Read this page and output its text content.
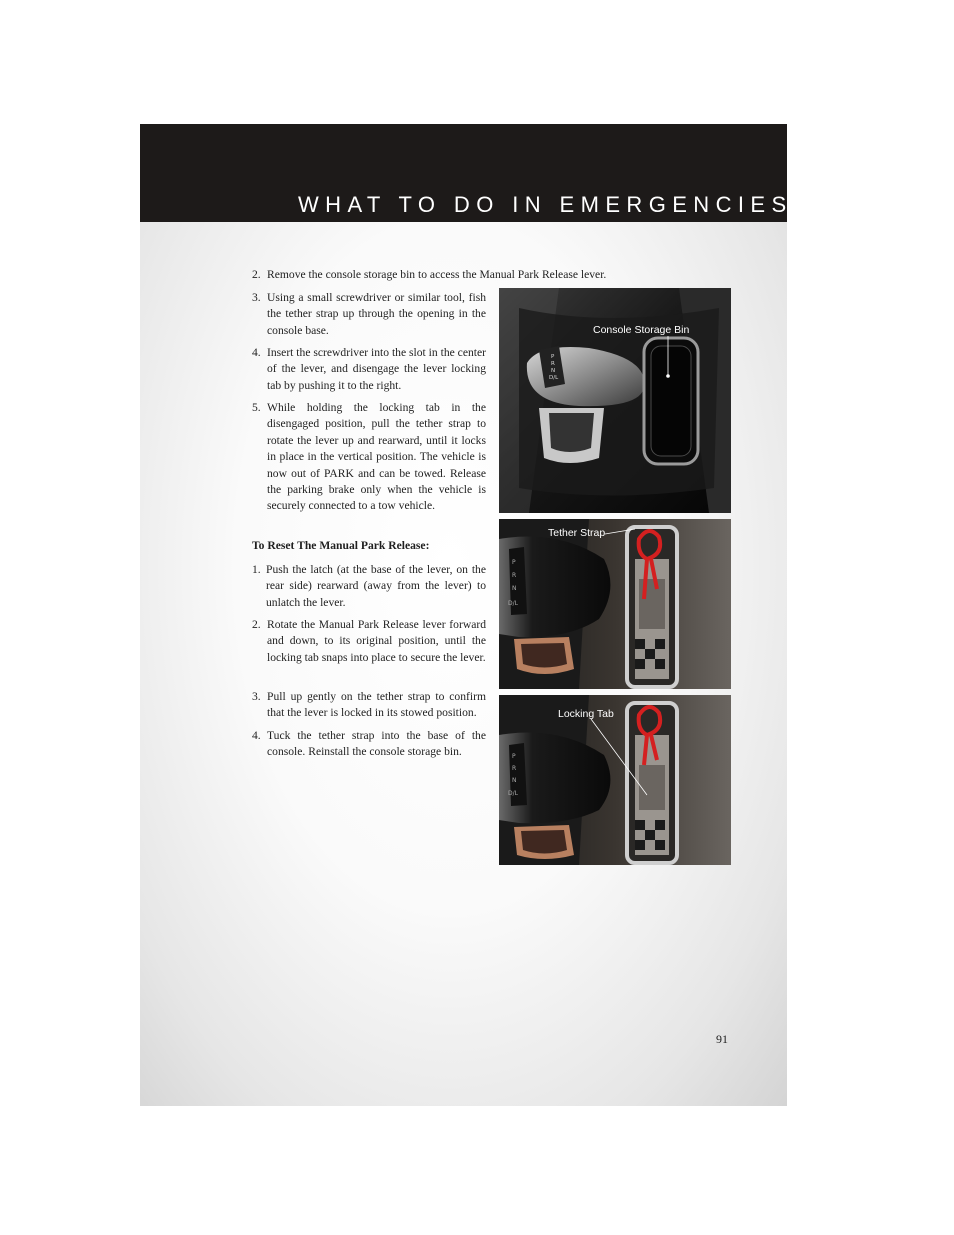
WHAT TO DO IN EMERGENCIES
2. Remove the console storage bin to access the Manual Park Release lever.
3. Using a small screwdriver or similar tool, fish the tether strap up through the opening in the console base.
4. Insert the screwdriver into the slot in the center of the lever, and disengage the lever locking tab by pushing it to the right.
5. While holding the locking tab in the disengaged position, pull the tether strap to rotate the lever up and rearward, until it locks in place in the vertical position. The vehicle is now out of PARK and can be towed. Release the parking brake only when the vehicle is securely connected to a tow vehicle.
To Reset The Manual Park Release:
1. Push the latch (at the base of the lever, on the rear side) rearward (away from the lever) to unlatch the lever.
2. Rotate the Manual Park Release lever forward and down, to its original position, until the locking tab snaps into place to secure the lever.
3. Pull up gently on the tether strap to confirm that the lever is locked in its stowed position.
4. Tuck the tether strap into the base of the console. Reinstall the console storage bin.
P
R
N
D/L
Console Storage Bin
P
R
N
D/L
Tether Strap
P
R
N
D/L
Locking Tab
91
